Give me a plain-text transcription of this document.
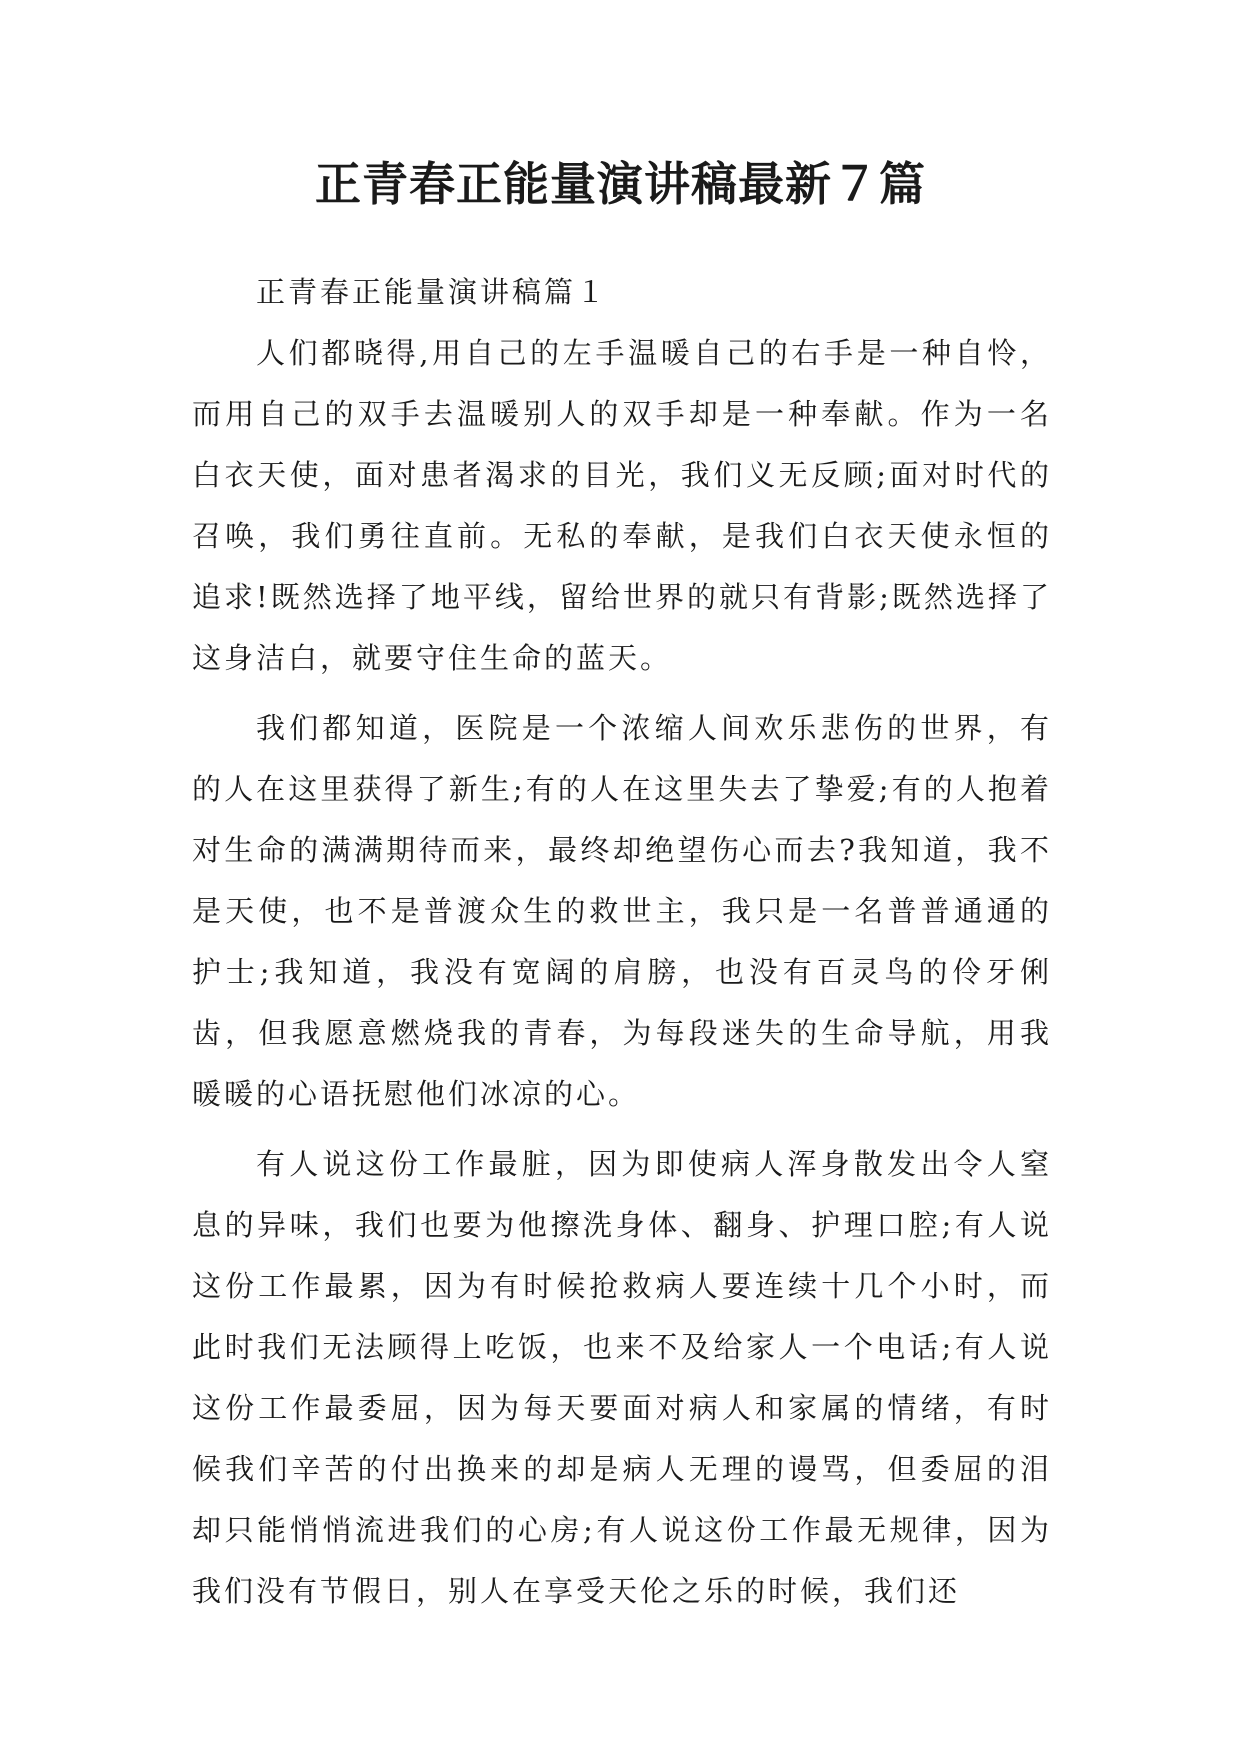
正青春正能量演讲稿最新７篇

正青春正能量演讲稿篇１

人们都晓得,用自己的左手温暖自己的右手是一种自怜，而用自己的双手去温暖别人的双手却是一种奉献。作为一名白衣天使，面对患者渴求的目光，我们义无反顾;面对时代的召唤，我们勇往直前。无私的奉献，是我们白衣天使永恒的追求!既然选择了地平线，留给世界的就只有背影;既然选择了这身洁白，就要守住生命的蓝天。

我们都知道，医院是一个浓缩人间欢乐悲伤的世界，有的人在这里获得了新生;有的人在这里失去了挚爱;有的人抱着对生命的满满期待而来，最终却绝望伤心而去?我知道，我不是天使，也不是普渡众生的救世主，我只是一名普普通通的护士;我知道，我没有宽阔的肩膀，也没有百灵鸟的伶牙俐齿，但我愿意燃烧我的青春，为每段迷失的生命导航，用我暖暖的心语抚慰他们冰凉的心。

有人说这份工作最脏，因为即使病人浑身散发出令人窒息的异味，我们也要为他擦洗身体、翻身、护理口腔;有人说这份工作最累，因为有时候抢救病人要连续十几个小时，而此时我们无法顾得上吃饭，也来不及给家人一个电话;有人说这份工作最委屈，因为每天要面对病人和家属的情绪，有时候我们辛苦的付出换来的却是病人无理的谩骂，但委屈的泪却只能悄悄流进我们的心房;有人说这份工作最无规律，因为我们没有节假日，别人在享受天伦之乐的时候，我们还
